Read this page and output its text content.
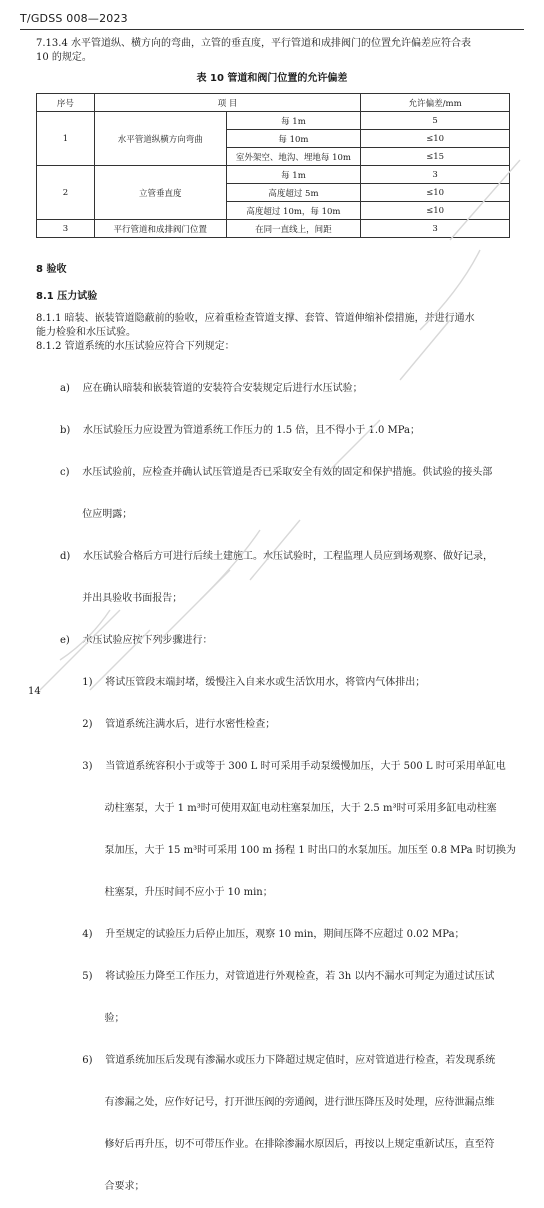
T/GDSS 008—2023
7.13.4 水平管道纵、横方向的弯曲，立管的垂直度，平行管道和成排阀门的位置允许偏差应符合表
10 的规定。
表 10 管道和阀门位置的允许偏差
序号	项 目		允许偏差/mm
1	水平管道纵横方向弯曲	每 1m	5
		每 10m	≤10
		室外架空、地沟、埋地每 10m	≤15
2	立管垂直度	每 1m	3
		高度超过 5m	≤10
		高度超过 10m，每 10m	≤10
3	平行管道和成排阀门位置	在同一直线上，间距	3
8 验收
8.1 压力试验
8.1.1 暗装、嵌装管道隐蔽前的验收，应着重检查管道支撑、套管、管道伸缩补偿措施，并进行通水
能力检验和水压试验。
8.1.2 管道系统的水压试验应符合下列规定：

a)    应在确认暗装和嵌装管道的安装符合安装规定后进行水压试验；

b)    水压试验压力应设置为管道系统工作压力的 1.5 倍，且不得小于 1.0 MPa；

c)    水压试验前，应检查并确认试压管道是否已采取安全有效的固定和保护措施。供试验的接头部

位应明露；

d)    水压试验合格后方可进行后续土建施工。水压试验时，工程监理人员应到场观察、做好记录，

并出具验收书面报告；

e)    水压试验应按下列步骤进行：

1)    将试压管段末端封堵，缓慢注入自来水或生活饮用水，将管内气体排出；

2)    管道系统注满水后，进行水密性检查；

3)    当管道系统容积小于或等于 300 L 时可采用手动泵缓慢加压，大于 500 L 时可采用单缸电

动柱塞泵，大于 1 m³时可使用双缸电动柱塞泵加压，大于 2.5 m³时可采用多缸电动柱塞

泵加压，大于 15 m³时可采用 100 m 扬程 1 时出口的水泵加压。加压至 0.8 MPa 时切换为

柱塞泵，升压时间不应小于 10 min；

4)    升至规定的试验压力后停止加压，观察 10 min，期间压降不应超过 0.02 MPa；

5)    将试验压力降至工作压力，对管道进行外观检查，若 3h 以内不漏水可判定为通过试压试

验；

6)    管道系统加压后发现有渗漏水或压力下降超过规定值时，应对管道进行检查，若发现系统

有渗漏之处，应作好记号，打开泄压阀的旁通阀，进行泄压降压及时处理，应待泄漏点维

修好后再升压，切不可带压作业。在排除渗漏水原因后，再按以上规定重新试压，直至符

合要求；

14
